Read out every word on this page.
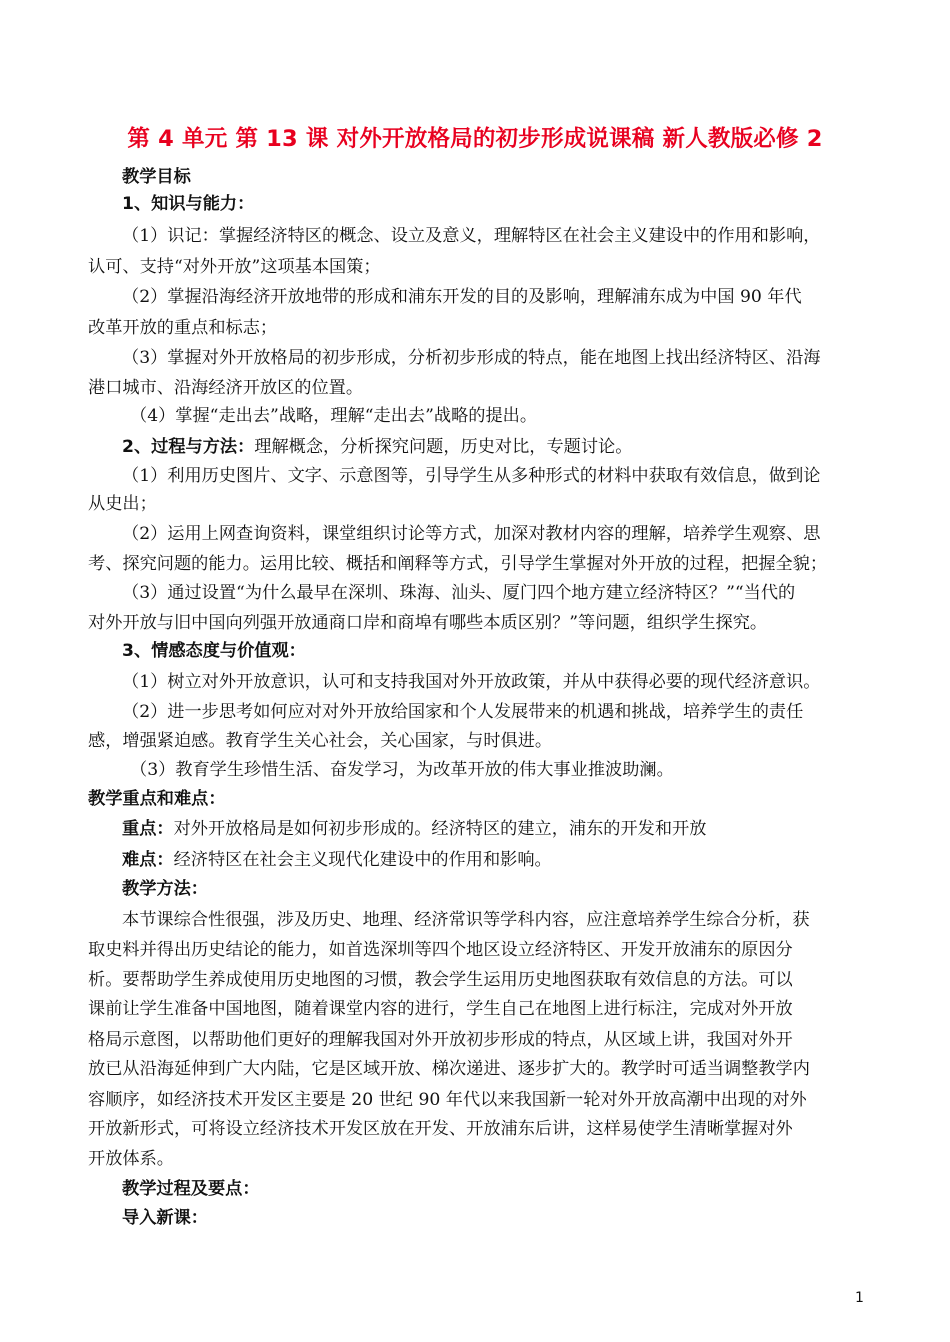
第 4 单元 第 13 课 对外开放格局的初步形成说课稿 新人教版必修 2
教学目标
1、知识与能力：
（1）识记：掌握经济特区的概念、设立及意义，理解特区在社会主义建设中的作用和影响，
认可、支持“对外开放”这项基本国策；
（2）掌握沿海经济开放地带的形成和浦东开发的目的及影响，理解浦东成为中国 90 年代
改革开放的重点和标志；
（3）掌握对外开放格局的初步形成，分析初步形成的特点，能在地图上找出经济特区、沿海
港口城市、沿海经济开放区的位置。
（4）掌握“走出去”战略，理解“走出去”战略的提出。
2、过程与方法：理解概念，分析探究问题，历史对比，专题讨论。
（1）利用历史图片、文字、示意图等，引导学生从多种形式的材料中获取有效信息，做到论
从史出；
（2）运用上网查询资料，课堂组织讨论等方式，加深对教材内容的理解，培养学生观察、思
考、探究问题的能力。运用比较、概括和阐释等方式，引导学生掌握对外开放的过程，把握全貌；
（3）通过设置“为什么最早在深圳、珠海、汕头、厦门四个地方建立经济特区？”“当代的
对外开放与旧中国向列强开放通商口岸和商埠有哪些本质区别？”等问题，组织学生探究。
3、情感态度与价值观：
（1）树立对外开放意识，认可和支持我国对外开放政策，并从中获得必要的现代经济意识。
（2）进一步思考如何应对对外开放给国家和个人发展带来的机遇和挑战，培养学生的责任
感，增强紧迫感。教育学生关心社会，关心国家，与时俱进。
（3）教育学生珍惜生活、奋发学习，为改革开放的伟大事业推波助澜。
教学重点和难点：
重点：对外开放格局是如何初步形成的。经济特区的建立，浦东的开发和开放
难点：经济特区在社会主义现代化建设中的作用和影响。
教学方法：
本节课综合性很强，涉及历史、地理、经济常识等学科内容，应注意培养学生综合分析，获
取史料并得出历史结论的能力，如首选深圳等四个地区设立经济特区、开发开放浦东的原因分
析。要帮助学生养成使用历史地图的习惯，教会学生运用历史地图获取有效信息的方法。可以
课前让学生准备中国地图，随着课堂内容的进行，学生自己在地图上进行标注，完成对外开放
格局示意图，以帮助他们更好的理解我国对外开放初步形成的特点，从区域上讲，我国对外开
放已从沿海延伸到广大内陆，它是区域开放、梯次递进、逐步扩大的。教学时可适当调整教学内
容顺序，如经济技术开发区主要是 20 世纪 90 年代以来我国新一轮对外开放高潮中出现的对外
开放新形式，可将设立经济技术开发区放在开发、开放浦东后讲，这样易使学生清晰掌握对外
开放体系。
教学过程及要点：
导入新课：
1
